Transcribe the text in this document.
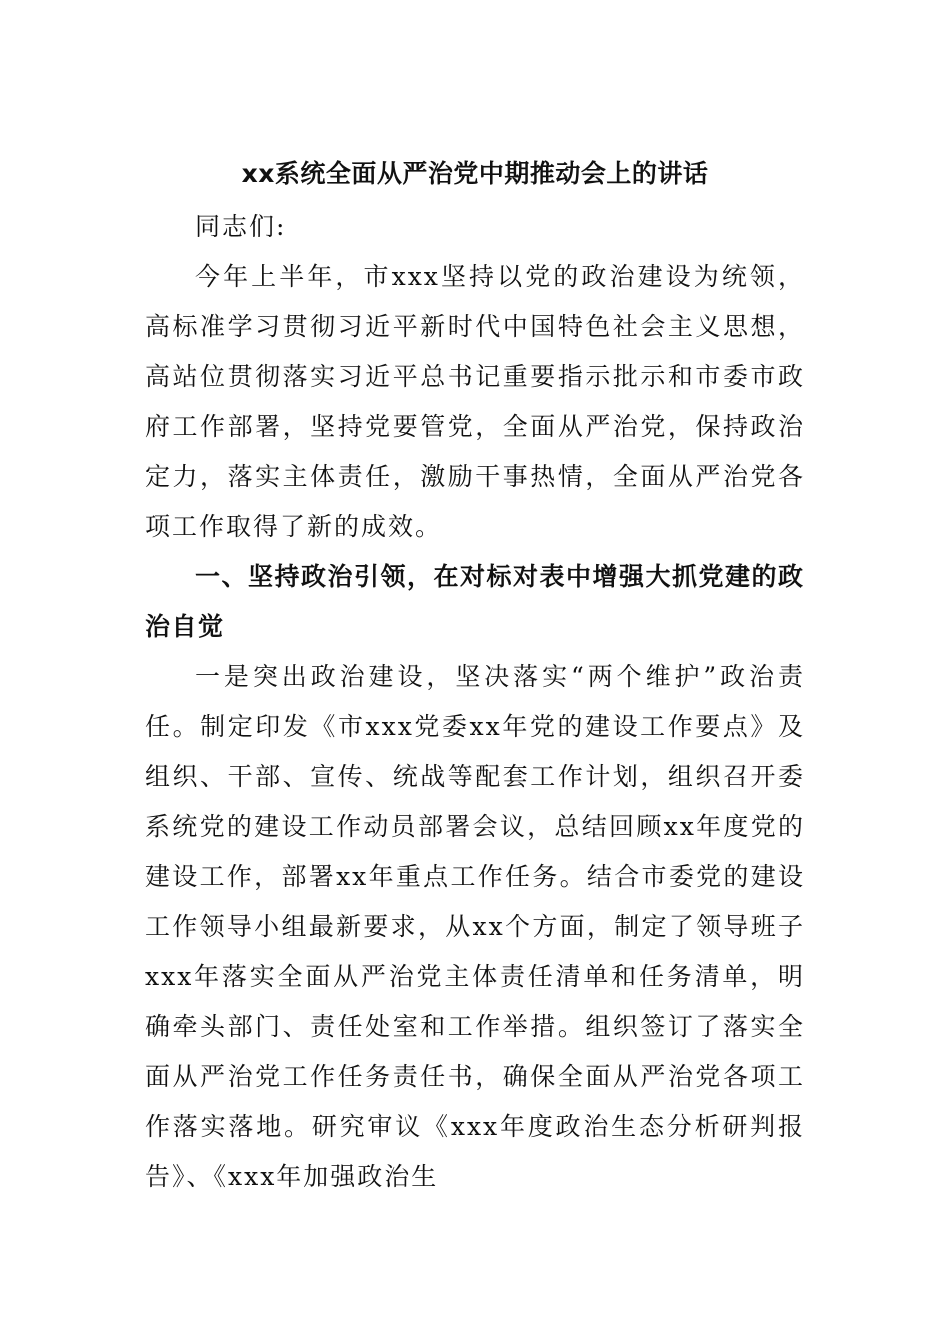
xx系统全面从严治党中期推动会上的讲话

同志们:

今年上半年，市xxx坚持以党的政治建设为统领，高标准学习贯彻习近平新时代中国特色社会主义思想，高站位贯彻落实习近平总书记重要指示批示和市委市政府工作部署，坚持党要管党，全面从严治党，保持政治定力，落实主体责任，激励干事热情，全面从严治党各项工作取得了新的成效。

一、坚持政治引领，在对标对表中增强大抓党建的政治自觉

一是突出政治建设，坚决落实“两个维护”政治责任。制定印发《市xxx党委xx年党的建设工作要点》及组织、干部、宣传、统战等配套工作计划，组织召开委系统党的建设工作动员部署会议，总结回顾xx年度党的建设工作，部署xx年重点工作任务。结合市委党的建设工作领导小组最新要求，从xx个方面，制定了领导班子xxx年落实全面从严治党主体责任清单和任务清单，明确牵头部门、责任处室和工作举措。组织签订了落实全面从严治党工作任务责任书，确保全面从严治党各项工作落实落地。研究审议《xxx年度政治生态分析研判报告》、《xxx年加强政治生
